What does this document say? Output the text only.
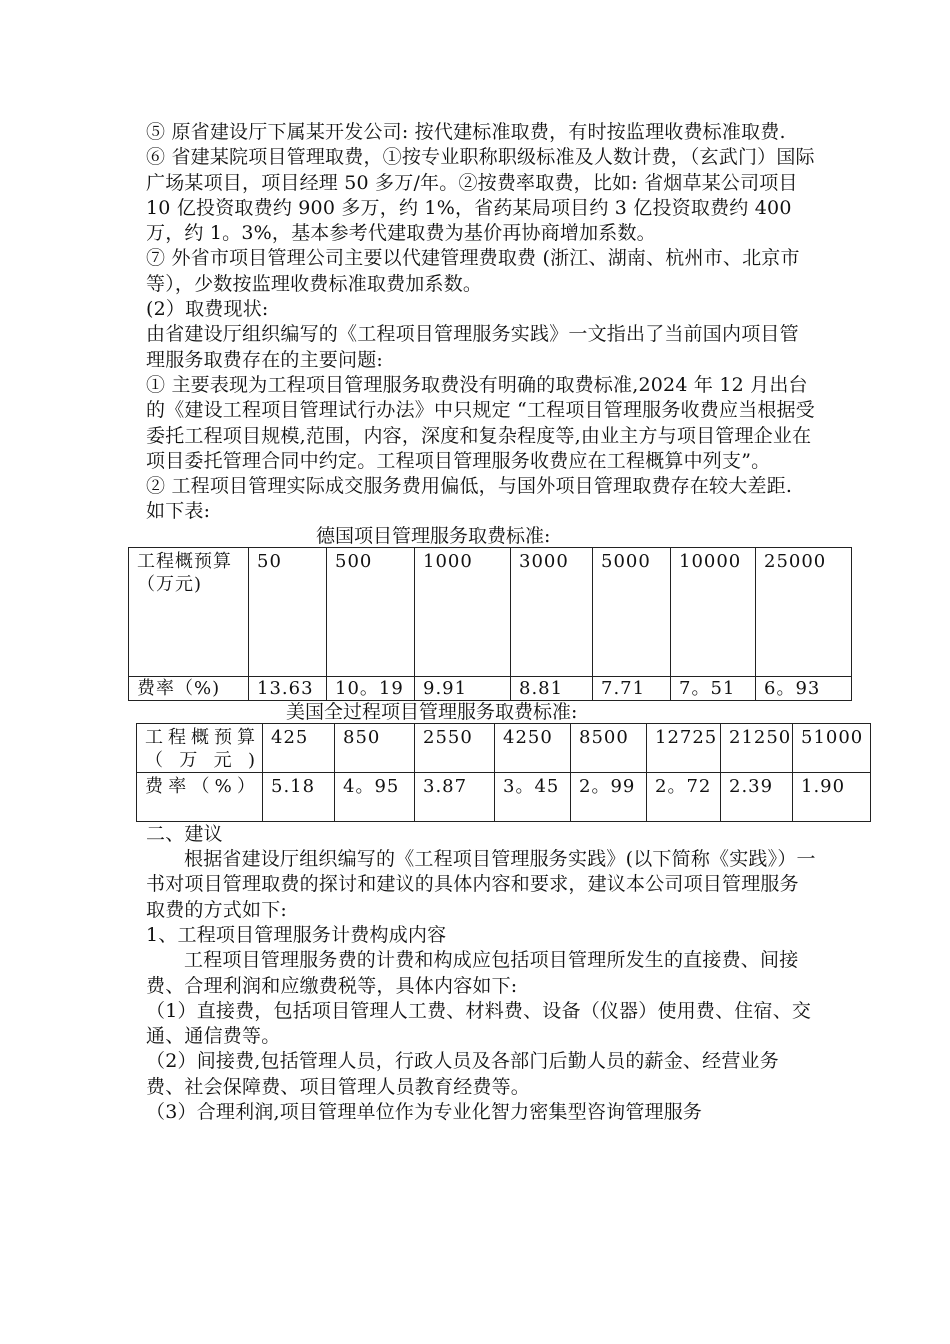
⑤ 原省建设厅下属某开发公司: 按代建标准取费，有时按监理收费标准取费.

⑥ 省建某院项目管理取费，①按专业职称职级标准及人数计费，（玄武门）国际广场某项目，项目经理 50 多万/年。②按费率取费，比如: 省烟草某公司项目 10 亿投资取费约 900 多万，约 1%，省药某局项目约 3 亿投资取费约 400 万，约 1。3%，基本参考代建取费为基价再协商增加系数。

⑦ 外省市项目管理公司主要以代建管理费取费 (浙江、湖南、杭州市、北京市等），少数按监理收费标准取费加系数。

(2）取费现状:

由省建设厅组织编写的《工程项目管理服务实践》一文指出了当前国内项目管理服务取费存在的主要问题:

① 主要表现为工程项目管理服务取费没有明确的取费标准,2024 年 12 月出台的《建设工程项目管理试行办法》中只规定 “工程项目管理服务收费应当根据受委托工程项目规模,范围，内容，深度和复杂程度等,由业主方与项目管理企业在项目委托管理合同中约定。工程项目管理服务收费应在工程概算中列支”。

② 工程项目管理实际成交服务费用偏低，与国外项目管理取费存在较大差距. 如下表:

德国项目管理服务取费标准:

工程概预算（万元)	50	500	1000	3000	5000	10000	25000
费率（%)	13.63	10。19	9.91	8.81	7.71	7。51	6。93

美国全过程项目管理服务取费标准:

工程概预算（万元)	425	850	2550	4250	8500	12725	21250	51000
费率（%）	5.18	4。95	3.87	3。45	2。99	2。72	2.39	1.90

二、建议

根据省建设厅组织编写的《工程项目管理服务实践》(以下简称《实践》）一书对项目管理取费的探讨和建议的具体内容和要求，建议本公司项目管理服务取费的方式如下:

1、工程项目管理服务计费构成内容

工程项目管理服务费的计费和构成应包括项目管理所发生的直接费、间接费、合理利润和应缴费税等，具体内容如下:

（1）直接费，包括项目管理人工费、材料费、设备（仪器）使用费、住宿、交通、通信费等。

（2）间接费,包括管理人员，行政人员及各部门后勤人员的薪金、经营业务费、社会保障费、项目管理人员教育经费等。

（3）合理利润,项目管理单位作为专业化智力密集型咨询管理服务
